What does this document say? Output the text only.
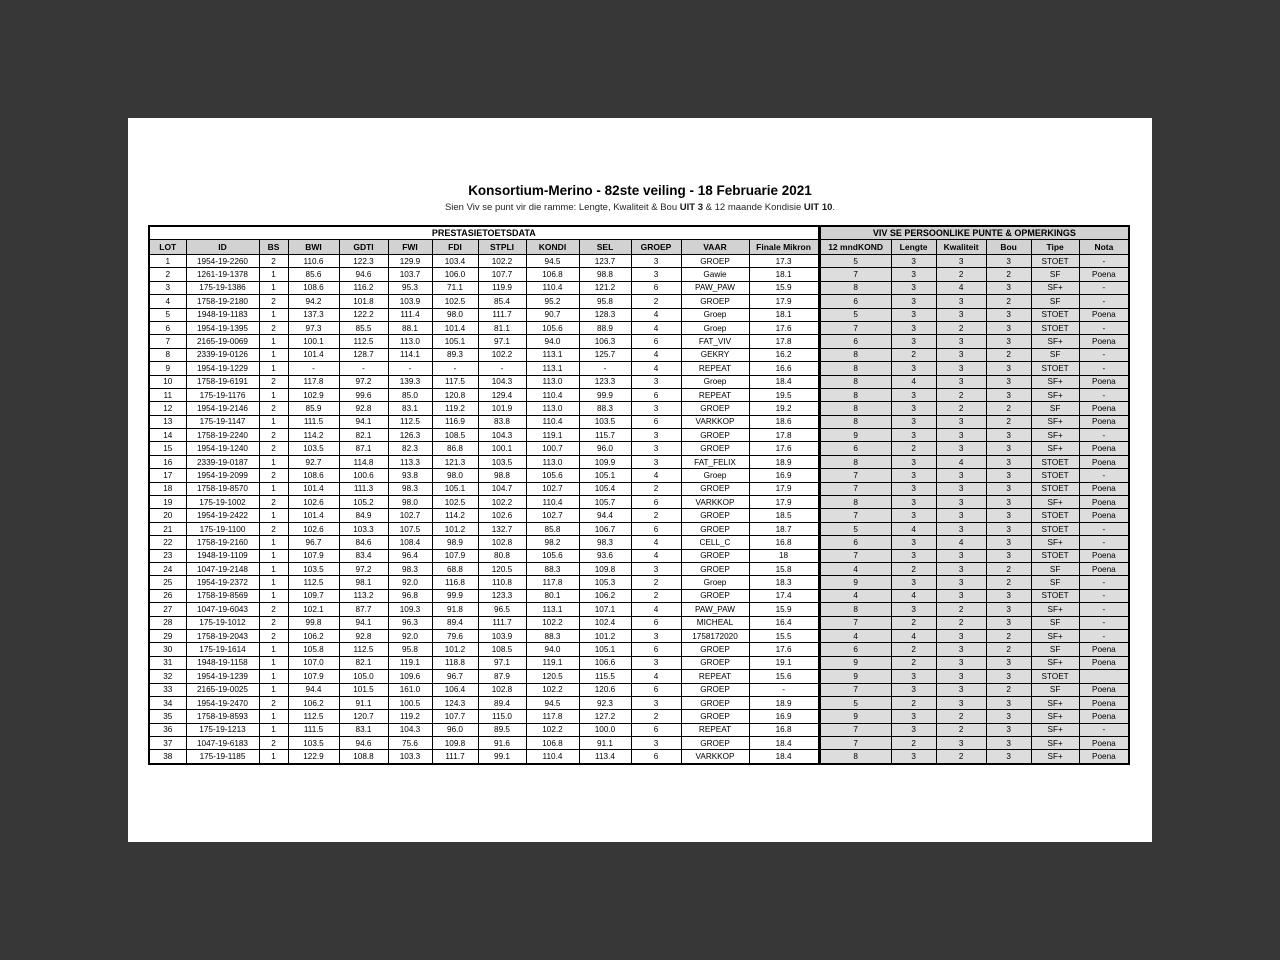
Konsortium-Merino - 82ste veiling - 18 Februarie 2021
Sien Viv se punt vir die ramme: Lengte, Kwaliteit & Bou UIT 3 & 12 maande Kondisie UIT 10.
PRESTASIETOETSDATA													VIV SE PERSOONLIKE PUNTE & OPMERKINGS					
LOT	ID	BS	BWI	GDTI	FWI	FDI	STPLI	KONDI	SEL	GROEP	VAAR	Finale Mikron	12 mndKOND	Lengte	Kwaliteit	Bou	Tipe	Nota
1	1954-19-2260	2	110.6	122.3	129.9	103.4	102.2	94.5	123.7	3	GROEP	17.3	5	3	3	3	STOET	-
2	1261-19-1378	1	85.6	94.6	103.7	106.0	107.7	106.8	98.8	3	Gawie	18.1	7	3	2	2	SF	Poena
3	175-19-1386	1	108.6	116.2	95.3	71.1	119.9	110.4	121.2	6	PAW_PAW	15.9	8	3	4	3	SF+	-
4	1758-19-2180	2	94.2	101.8	103.9	102.5	85.4	95.2	95.8	2	GROEP	17.9	6	3	3	2	SF	-
5	1948-19-1183	1	137.3	122.2	111.4	98.0	111.7	90.7	128.3	4	Groep	18.1	5	3	3	3	STOET	Poena
6	1954-19-1395	2	97.3	85.5	88.1	101.4	81.1	105.6	88.9	4	Groep	17.6	7	3	2	3	STOET	-
7	2165-19-0069	1	100.1	112.5	113.0	105.1	97.1	94.0	106.3	6	FAT_VIV	17.8	6	3	3	3	SF+	Poena
8	2339-19-0126	1	101.4	128.7	114.1	89.3	102.2	113.1	125.7	4	GEKRY	16.2	8	2	3	2	SF	-
9	1954-19-1229	1	-	-	-	-	-	113.1	-	4	REPEAT	16.6	8	3	3	3	STOET	-
10	1758-19-6191	2	117.8	97.2	139.3	117.5	104.3	113.0	123.3	3	Groep	18.4	8	4	3	3	SF+	Poena
11	175-19-1176	1	102.9	99.6	85.0	120.8	129.4	110.4	99.9	6	REPEAT	19.5	8	3	2	3	SF+	-
12	1954-19-2146	2	85.9	92.8	83.1	119.2	101.9	113.0	88.3	3	GROEP	19.2	8	3	2	2	SF	Poena
13	175-19-1147	1	111.5	94.1	112.5	116.9	83.8	110.4	103.5	6	VARKKOP	18.6	8	3	3	2	SF+	Poena
14	1758-19-2240	2	114.2	82.1	126.3	108.5	104.3	119.1	115.7	3	GROEP	17.8	9	3	3	3	SF+	-
15	1954-19-1240	2	103.5	87.1	82.3	86.8	100.1	100.7	96.0	3	GROEP	17.6	6	2	3	3	SF+	Poena
16	2339-19-0187	1	92.7	114.8	113.3	121.3	103.5	113.0	109.9	3	FAT_FELIX	18.9	8	3	4	3	STOET	Poena
17	1954-19-2099	2	108.6	100.6	93.8	98.0	98.8	105.6	105.1	4	Groep	16.9	7	3	3	3	STOET	-
18	1758-19-8570	1	101.4	111.3	98.3	105.1	104.7	102.7	105.4	2	GROEP	17.9	7	3	3	3	STOET	Poena
19	175-19-1002	2	102.6	105.2	98.0	102.5	102.2	110.4	105.7	6	VARKKOP	17.9	8	3	3	3	SF+	Poena
20	1954-19-2422	1	101.4	84.9	102.7	114.2	102.6	102.7	94.4	2	GROEP	18.5	7	3	3	3	STOET	Poena
21	175-19-1100	2	102.6	103.3	107.5	101.2	132.7	85.8	106.7	6	GROEP	18.7	5	4	3	3	STOET	-
22	1758-19-2160	1	96.7	84.6	108.4	98.9	102.8	98.2	98.3	4	CELL_C	16.8	6	3	4	3	SF+	-
23	1948-19-1109	1	107.9	83.4	96.4	107.9	80.8	105.6	93.6	4	GROEP	18	7	3	3	3	STOET	Poena
24	1047-19-2148	1	103.5	97.2	98.3	68.8	120.5	88.3	109.8	3	GROEP	15.8	4	2	3	2	SF	Poena
25	1954-19-2372	1	112.5	98.1	92.0	116.8	110.8	117.8	105.3	2	Groep	18.3	9	3	3	2	SF	-
26	1758-19-8569	1	109.7	113.2	96.8	99.9	123.3	80.1	106.2	2	GROEP	17.4	4	4	3	3	STOET	-
27	1047-19-6043	2	102.1	87.7	109.3	91.8	96.5	113.1	107.1	4	PAW_PAW	15.9	8	3	2	3	SF+	-
28	175-19-1012	2	99.8	94.1	96.3	89.4	111.7	102.2	102.4	6	MICHEAL	16.4	7	2	2	3	SF	-
29	1758-19-2043	2	106.2	92.8	92.0	79.6	103.9	88.3	101.2	3	1758172020	15.5	4	4	3	2	SF+	-
30	175-19-1614	1	105.8	112.5	95.8	101.2	108.5	94.0	105.1	6	GROEP	17.6	6	2	3	2	SF	Poena
31	1948-19-1158	1	107.0	82.1	119.1	118.8	97.1	119.1	106.6	3	GROEP	19.1	9	2	3	3	SF+	Poena
32	1954-19-1239	1	107.9	105.0	109.6	96.7	87.9	120.5	115.5	4	REPEAT	15.6	9	3	3	3	STOET	
33	2165-19-0025	1	94.4	101.5	161.0	106.4	102.8	102.2	120.6	6	GROEP	-	7	3	3	2	SF	Poena
34	1954-19-2470	2	106.2	91.1	100.5	124.3	89.4	94.5	92.3	3	GROEP	18.9	5	2	3	3	SF+	Poena
35	1758-19-8593	1	112.5	120.7	119.2	107.7	115.0	117.8	127.2	2	GROEP	16.9	9	3	2	3	SF+	Poena
36	175-19-1213	1	111.5	83.1	104.3	96.0	89.5	102.2	100.0	6	REPEAT	16.8	7	3	2	3	SF+	-
37	1047-19-6183	2	103.5	94.6	75.6	109.8	91.6	106.8	91.1	3	GROEP	18.4	7	2	3	3	SF+	Poena
38	175-19-1185	1	122.9	108.8	103.3	111.7	99.1	110.4	113.4	6	VARKKOP	18.4	8	3	2	3	SF+	Poena
